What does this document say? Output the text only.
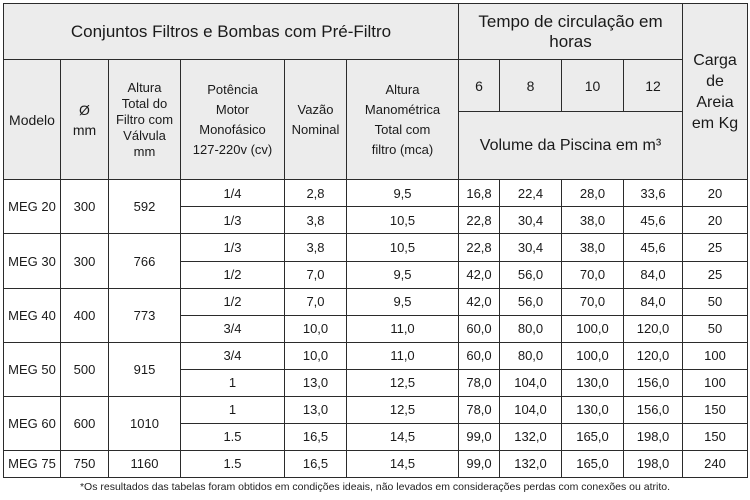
Conjuntos Filtros e Bombas com Pré-Filtro						Tempo de circulação em
horas				Carga
de
Areia
em Kg
Modelo	Ø
mm	Altura
Total do
Filtro com
Válvula
mm	Potência
Motor
Monofásico
127-220v (cv)	Vazão
Nominal	Altura
Manométrica
Total com
filtro (mca)	6	8	10	12	
						Volume da Piscina em m³				
MEG 20	300	592	1/4	2,8	9,5	16,8	22,4	28,0	33,6	20
			1/3	3,8	10,5	22,8	30,4	38,0	45,6	20
MEG 30	300	766	1/3	3,8	10,5	22,8	30,4	38,0	45,6	25
			1/2	7,0	9,5	42,0	56,0	70,0	84,0	25
MEG 40	400	773	1/2	7,0	9,5	42,0	56,0	70,0	84,0	50
			3/4	10,0	11,0	60,0	80,0	100,0	120,0	50
MEG 50	500	915	3/4	10,0	11,0	60,0	80,0	100,0	120,0	100
			1	13,0	12,5	78,0	104,0	130,0	156,0	100
MEG 60	600	1010	1	13,0	12,5	78,0	104,0	130,0	156,0	150
			1.5	16,5	14,5	99,0	132,0	165,0	198,0	150
MEG 75	750	1160	1.5	16,5	14,5	99,0	132,0	165,0	198,0	240
*Os resultados das tabelas foram obtidos em condições ideais, não levados em considerações perdas com conexões ou atrito.
